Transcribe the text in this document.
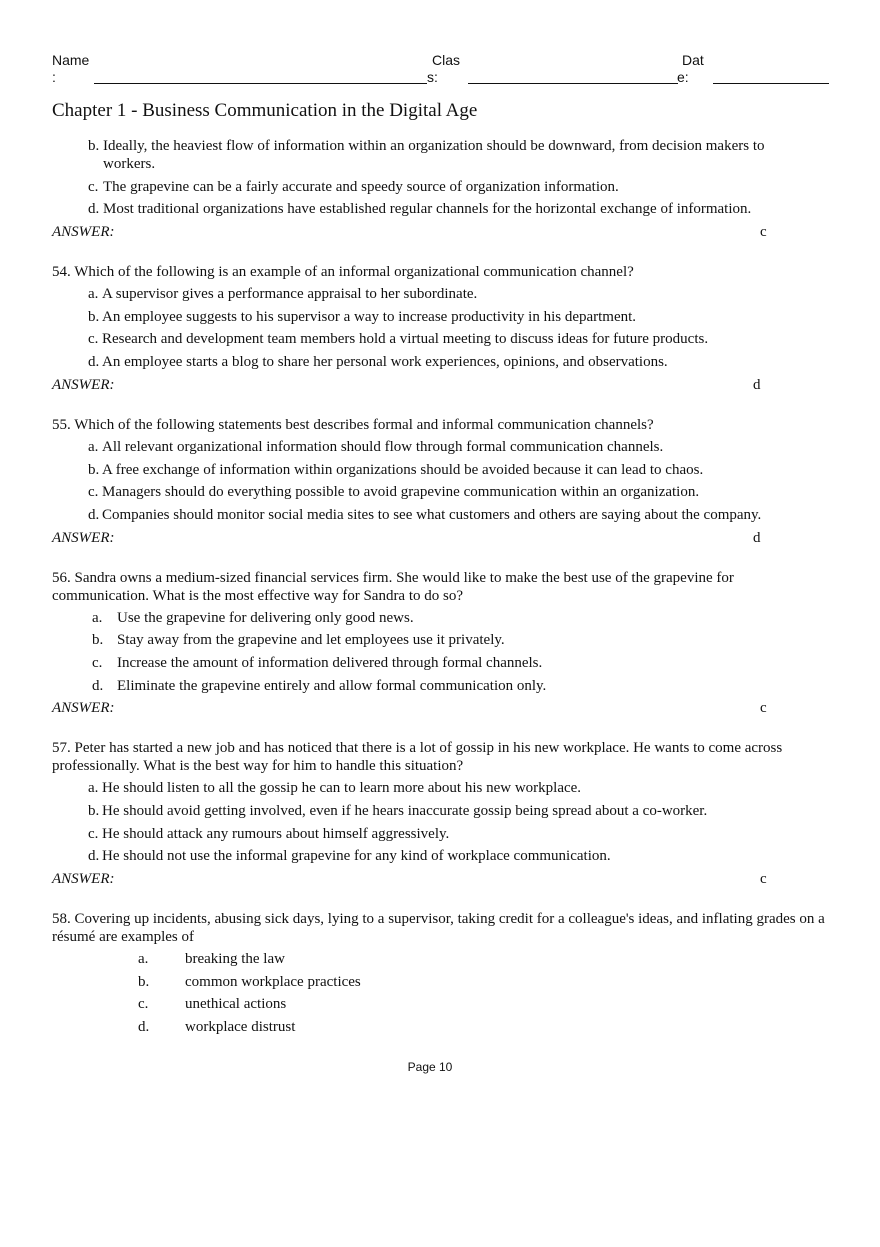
Name
:
Clas
s:
Dat
e:
Chapter 1 - Business Communication in the Digital Age
b. Ideally, the heaviest flow of information within an organization should be downward, from decision makers to workers.
c. The grapevine can be a fairly accurate and speedy source of organization information.
d. Most traditional organizations have established regular channels for the horizontal exchange of information.
ANSWER:	c
54. Which of the following is an example of an informal organizational communication channel?
a. A supervisor gives a performance appraisal to her subordinate.
b. An employee suggests to his supervisor a way to increase productivity in his department.
c. Research and development team members hold a virtual meeting to discuss ideas for future products.
d. An employee starts a blog to share her personal work experiences, opinions, and observations.
ANSWER:	d
55. Which of the following statements best describes formal and informal communication channels?
a. All relevant organizational information should flow through formal communication channels.
b. A free exchange of information within organizations should be avoided because it can lead to chaos.
c. Managers should do everything possible to avoid grapevine communication within an organization.
d. Companies should monitor social media sites to see what customers and others are saying about the company.
ANSWER:	d
56. Sandra owns a medium-sized financial services firm. She would like to make the best use of the grapevine for communication. What is the most effective way for Sandra to do so?
a. Use the grapevine for delivering only good news.
b. Stay away from the grapevine and let employees use it privately.
c. Increase the amount of information delivered through formal channels.
d. Eliminate the grapevine entirely and allow formal communication only.
ANSWER:	c
57. Peter has started a new job and has noticed that there is a lot of gossip in his new workplace. He wants to come across professionally. What is the best way for him to handle this situation?
a. He should listen to all the gossip he can to learn more about his new workplace.
b. He should avoid getting involved, even if he hears inaccurate gossip being spread about a co-worker.
c. He should attack any rumours about himself aggressively.
d. He should not use the informal grapevine for any kind of workplace communication.
ANSWER:	c
58. Covering up incidents, abusing sick days, lying to a supervisor, taking credit for a colleague's ideas, and inflating grades on a résumé are examples of
a. breaking the law
b. common workplace practices
c. unethical actions
d. workplace distrust
Page 10
